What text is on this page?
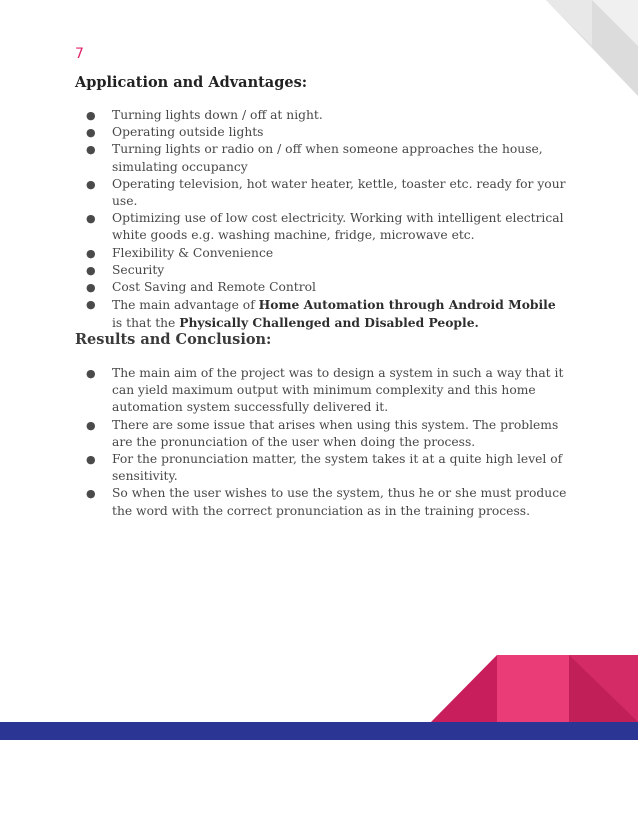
7
Application and Advantages:
● Turning lights down / off at night.
● Operating outside lights
● Turning lights or radio on / off when someone approaches the house, simulating occupancy
● Operating television, hot water heater, kettle, toaster etc. ready for your use.
● Optimizing use of low cost electricity. Working with intelligent electrical white goods e.g. washing machine, fridge, microwave etc.
● Flexibility & Convenience
● Security
● Cost Saving and Remote Control
● The main advantage of Home Automation through Android Mobile is that the Physically Challenged and Disabled People.
Results and Conclusion:
● The main aim of the project was to design a system in such a way that it can yield maximum output with minimum complexity and this home automation system successfully delivered it.
● There are some issue that arises when using this system. The problems are the pronunciation of the user when doing the process.
● For the pronunciation matter, the system takes it at a quite high level of sensitivity.
● So when the user wishes to use the system, thus he or she must produce the word with the correct pronunciation as in the training process.
